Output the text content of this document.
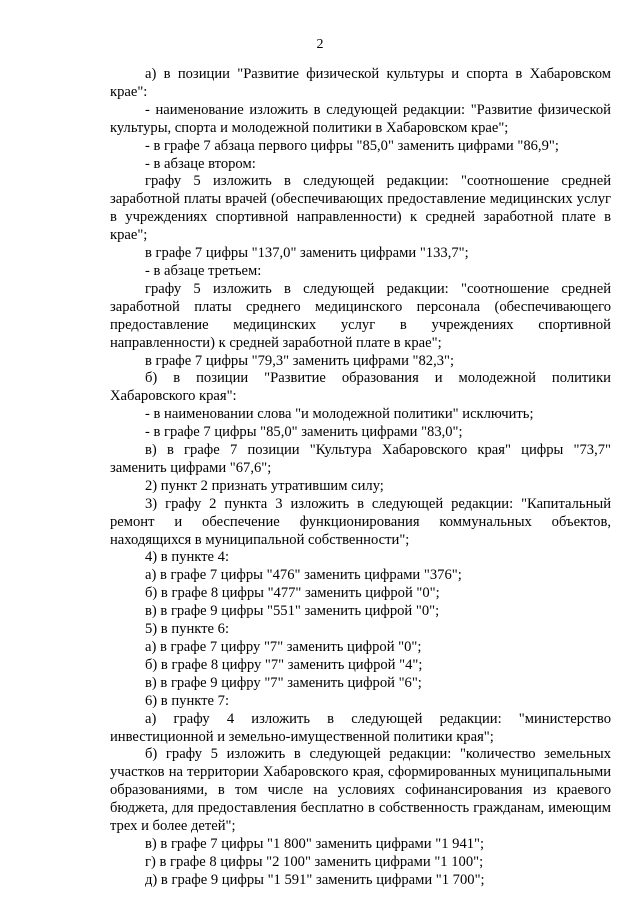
2

а) в позиции "Развитие физической культуры и спорта в Хабаровском крае":

- наименование изложить в следующей редакции: "Развитие физической культуры, спорта и молодежной политики в Хабаровском крае";

- в графе 7 абзаца первого цифры "85,0" заменить цифрами "86,9";

- в абзаце втором:

графу 5 изложить в следующей редакции: "соотношение средней заработной платы врачей (обеспечивающих предоставление медицинских услуг в учреждениях спортивной направленности) к средней заработной плате в крае";

в графе 7 цифры "137,0" заменить цифрами "133,7";

- в абзаце третьем:

графу 5 изложить в следующей редакции: "соотношение средней заработной платы среднего медицинского персонала (обеспечивающего предоставление медицинских услуг в учреждениях спортивной направленности) к средней заработной плате в крае";

в графе 7 цифры "79,3" заменить цифрами "82,3";

б) в позиции "Развитие образования и молодежной политики Хабаровского края":

- в наименовании слова "и молодежной политики" исключить;

- в графе 7 цифры "85,0" заменить цифрами "83,0";

в) в графе 7 позиции "Культура Хабаровского края" цифры "73,7" заменить цифрами "67,6";

2) пункт 2 признать утратившим силу;

3) графу 2 пункта 3 изложить в следующей редакции: "Капитальный ремонт и обеспечение функционирования коммунальных объектов, находящихся в муниципальной собственности";

4) в пункте 4:

а) в графе 7 цифры "476" заменить цифрами "376";

б) в графе 8 цифры "477" заменить цифрой "0";

в) в графе 9 цифры "551" заменить цифрой "0";

5) в пункте 6:

а) в графе 7 цифру "7" заменить цифрой "0";

б) в графе 8 цифру "7" заменить цифрой "4";

в) в графе 9 цифру "7" заменить цифрой "6";

6) в пункте 7:

а) графу 4 изложить в следующей редакции: "министерство инвестиционной и земельно-имущественной политики края";

б) графу 5 изложить в следующей редакции: "количество земельных участков на территории Хабаровского края, сформированных муниципальными образованиями, в том числе на условиях софинансирования из краевого бюджета, для предоставления бесплатно в собственность гражданам, имеющим трех и более детей";

в) в графе 7 цифры "1 800" заменить цифрами "1 941";

г) в графе 8 цифры "2 100" заменить цифрами "1 100";

д) в графе 9 цифры "1 591" заменить цифрами "1 700";
